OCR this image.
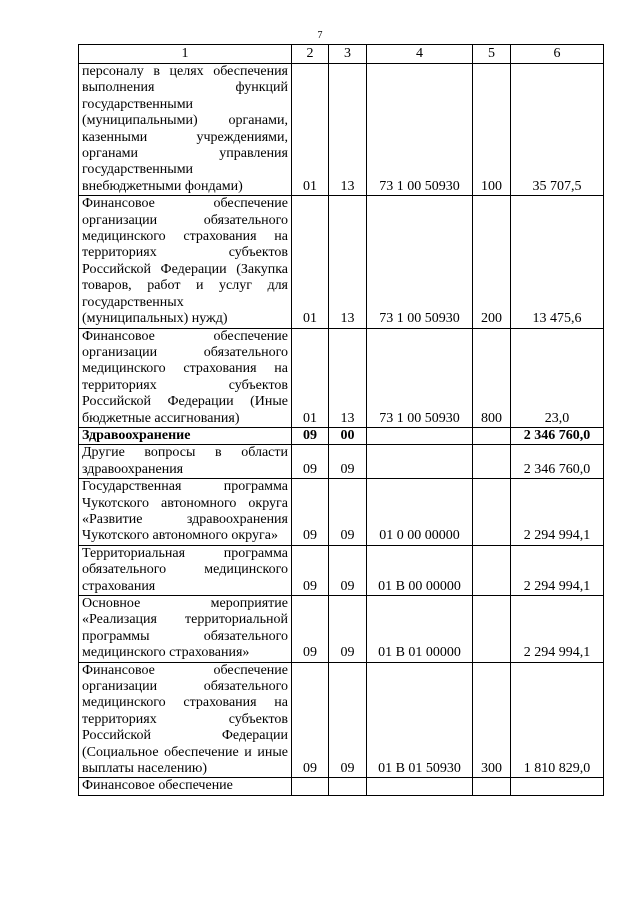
7
1	2	3	4	5	6
персоналу в целях обеспечения выполнения функций государственными (муниципальными) органами, казенными учреждениями, органами управления государственными внебюджетными фондами)	01	13	73 1 00 50930	100	35 707,5
Финансовое обеспечение организации обязательного медицинского страхования на территориях субъектов Российской Федерации (Закупка товаров, работ и услуг для государственных (муниципальных) нужд)	01	13	73 1 00 50930	200	13 475,6
Финансовое обеспечение организации обязательного медицинского страхования на территориях субъектов Российской Федерации (Иные бюджетные ассигнования)	01	13	73 1 00 50930	800	23,0
Здравоохранение	09	00			2 346 760,0
Другие вопросы в области здравоохранения	09	09			2 346 760,0
Государственная программа Чукотского автономного округа «Развитие здравоохранения Чукотского автономного округа»	09	09	01 0 00 00000		2 294 994,1
Территориальная программа обязательного медицинского страхования	09	09	01 В 00 00000		2 294 994,1
Основное мероприятие «Реализация территориальной программы обязательного медицинского страхования»	09	09	01 В 01 00000		2 294 994,1
Финансовое обеспечение организации обязательного медицинского страхования на территориях субъектов Российской Федерации (Социальное обеспечение и иные выплаты населению)	09	09	01 В 01 50930	300	1 810 829,0
Финансовое обеспечение					
